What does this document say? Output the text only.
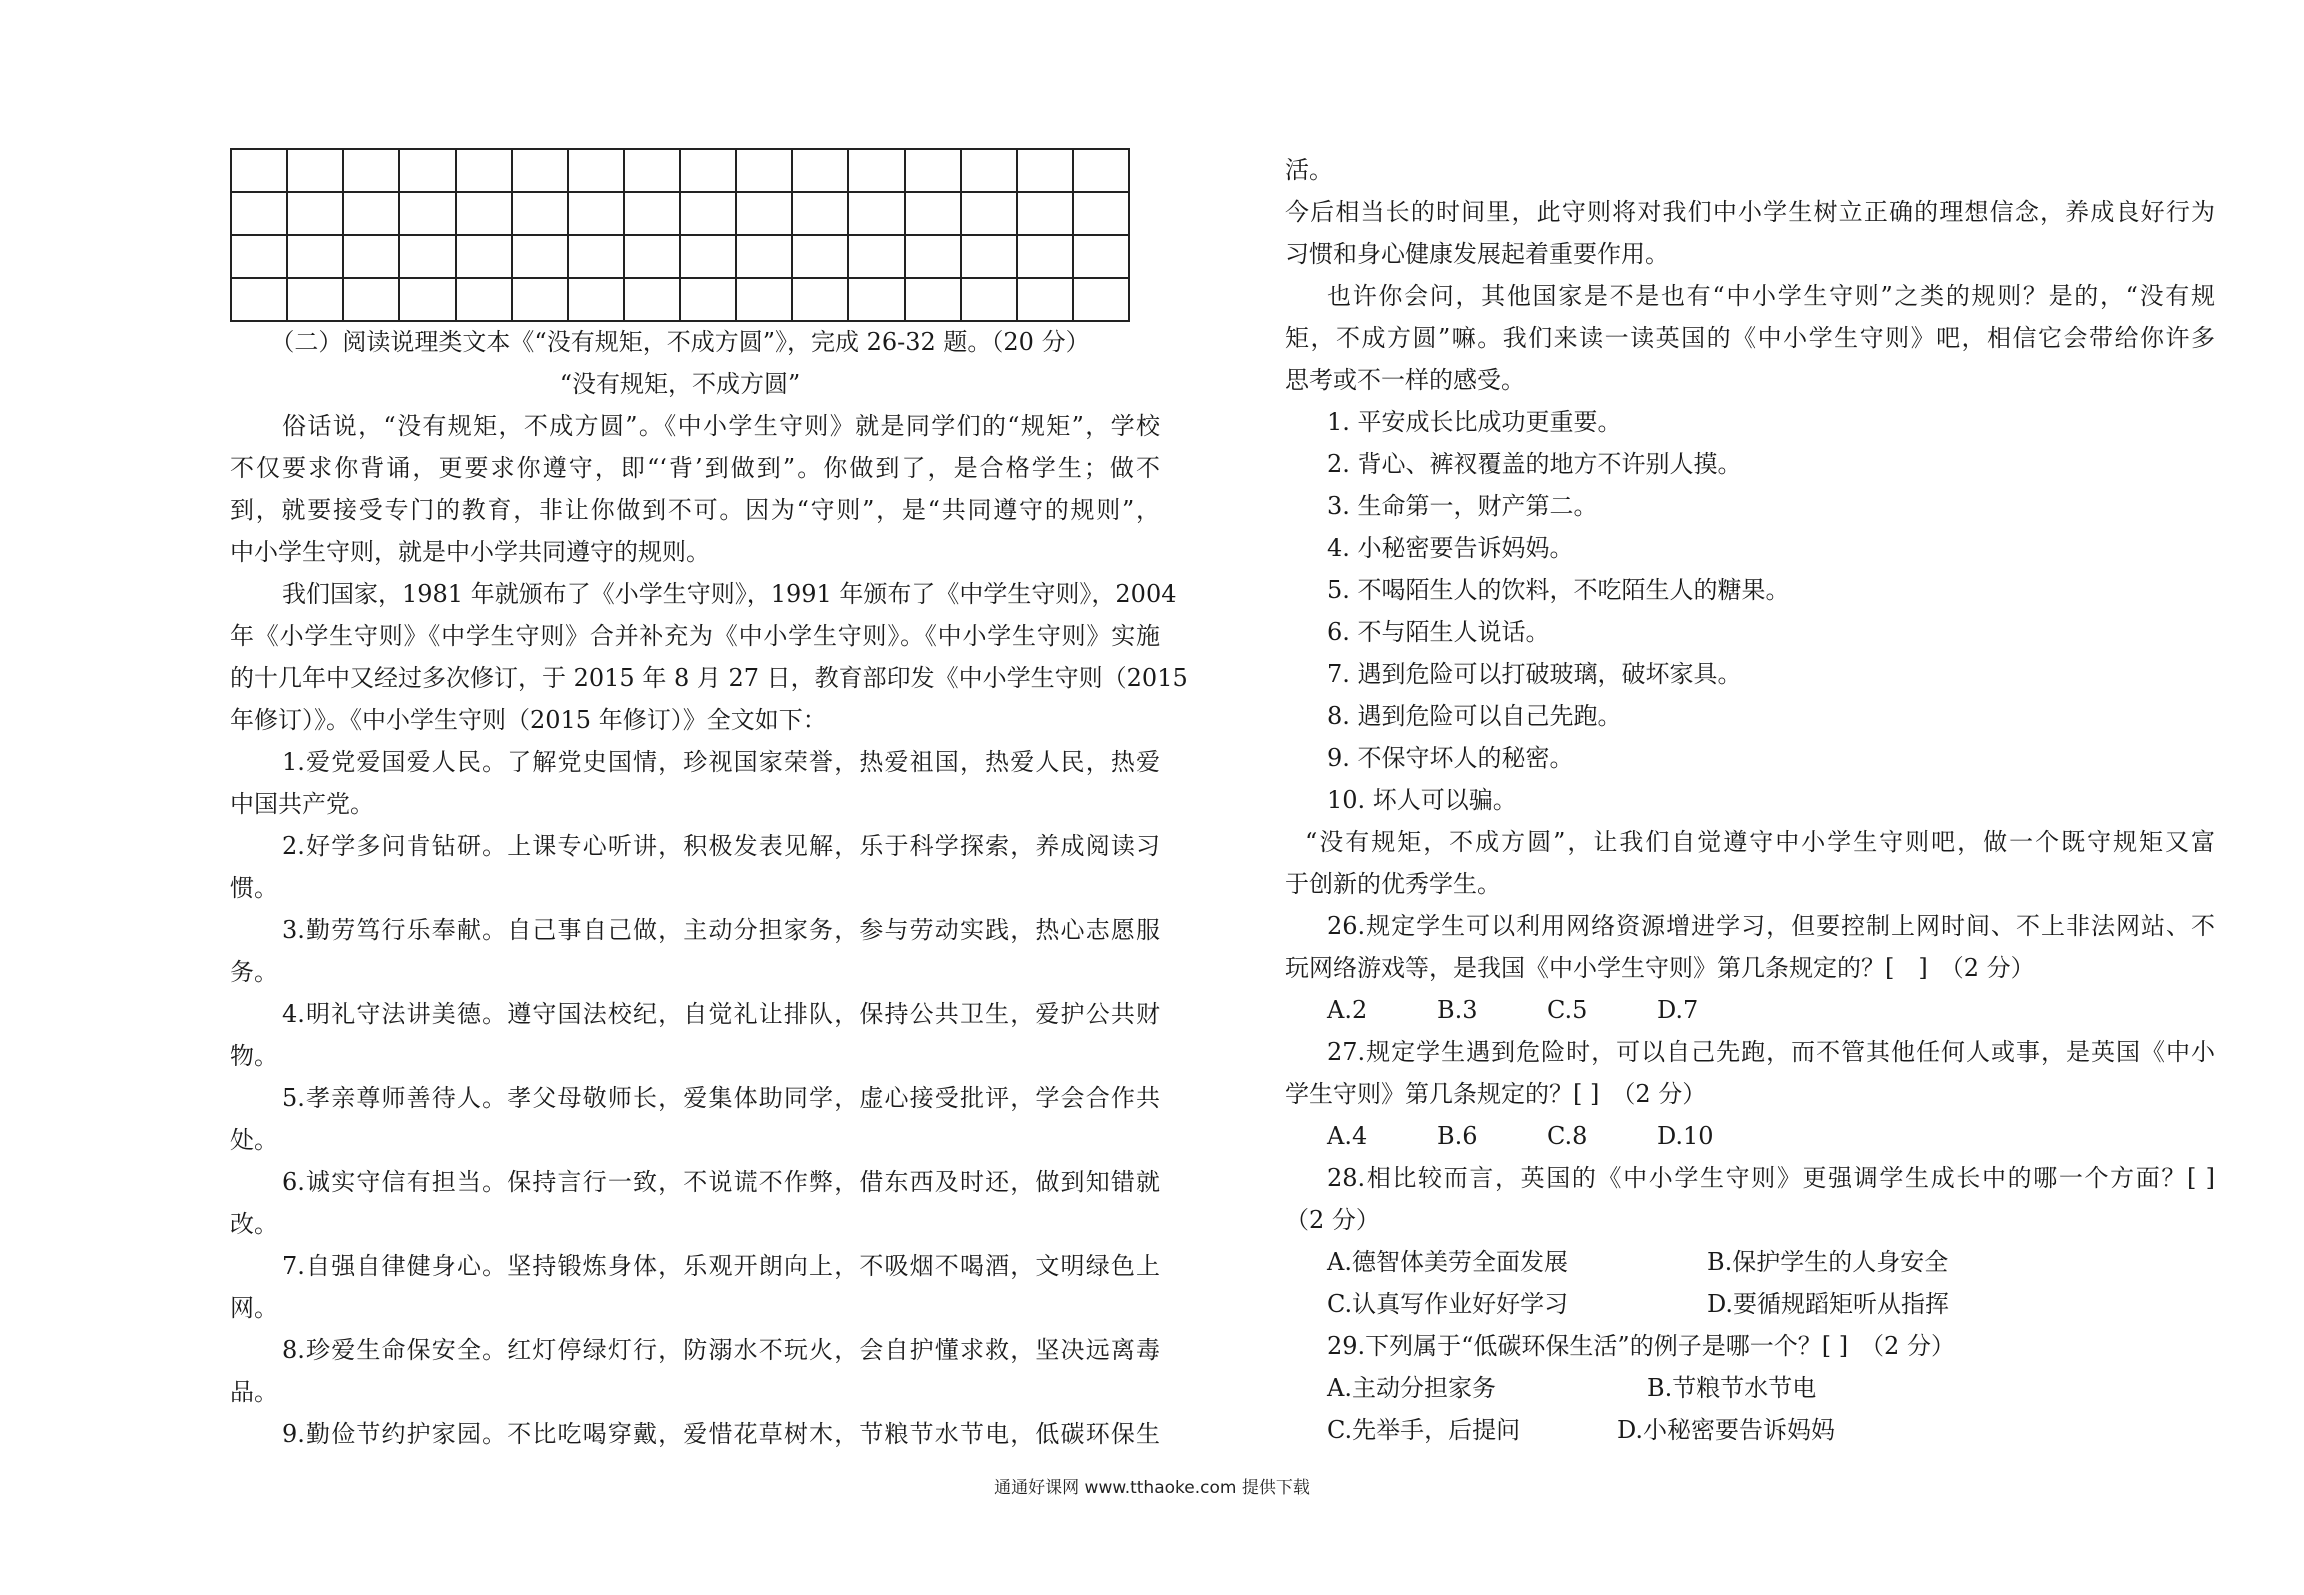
（二）阅读说理类文本《“没有规矩，不成方圆”》，完成 26-32 题。（20 分）
“没有规矩，不成方圆”
俗话说，“没有规矩，不成方圆”。《中小学生守则》就是同学们的“规矩”，学校
不仅要求你背诵，更要求你遵守，即“‘背’到做到”。你做到了，是合格学生；做不
到，就要接受专门的教育，非让你做到不可。因为“守则”，是“共同遵守的规则”，
中小学生守则，就是中小学共同遵守的规则。
我们国家，1981 年就颁布了《小学生守则》，1991 年颁布了《中学生守则》，2004
年《小学生守则》《中学生守则》合并补充为《中小学生守则》。《中小学生守则》实施
的十几年中又经过多次修订，于 2015 年 8 月 27 日，教育部印发《中小学生守则（2015
年修订）》。《中小学生守则（2015 年修订）》全文如下：
1.爱党爱国爱人民。了解党史国情，珍视国家荣誉，热爱祖国，热爱人民，热爱
中国共产党。
2.好学多问肯钻研。上课专心听讲，积极发表见解，乐于科学探索，养成阅读习
惯。
3.勤劳笃行乐奉献。自己事自己做，主动分担家务，参与劳动实践，热心志愿服
务。
4.明礼守法讲美德。遵守国法校纪，自觉礼让排队，保持公共卫生，爱护公共财
物。
5.孝亲尊师善待人。孝父母敬师长，爱集体助同学，虚心接受批评，学会合作共
处。
6.诚实守信有担当。保持言行一致，不说谎不作弊，借东西及时还，做到知错就
改。
7.自强自律健身心。坚持锻炼身体，乐观开朗向上，不吸烟不喝酒，文明绿色上
网。
8.珍爱生命保安全。红灯停绿灯行，防溺水不玩火，会自护懂求救，坚决远离毒
品。
9.勤俭节约护家园。不比吃喝穿戴，爱惜花草树木，节粮节水节电，低碳环保生
活。
今后相当长的时间里，此守则将对我们中小学生树立正确的理想信念，养成良好行为
习惯和身心健康发展起着重要作用。
也许你会问，其他国家是不是也有“中小学生守则”之类的规则？是的，“没有规
矩，不成方圆”嘛。我们来读一读英国的《中小学生守则》吧，相信它会带给你许多
思考或不一样的感受。
1. 平安成长比成功更重要。
2. 背心、裤衩覆盖的地方不许别人摸。
3. 生命第一，财产第二。
4. 小秘密要告诉妈妈。
5. 不喝陌生人的饮料，不吃陌生人的糖果。
6. 不与陌生人说话。
7. 遇到危险可以打破玻璃，破坏家具。
8. 遇到危险可以自己先跑。
9. 不保守坏人的秘密。
10. 坏人可以骗。
“没有规矩，不成方圆”，让我们自觉遵守中小学生守则吧，做一个既守规矩又富
于创新的优秀学生。
26.规定学生可以利用网络资源增进学习，但要控制上网时间、不上非法网站、不
玩网络游戏等，是我国《中小学生守则》第几条规定的？[　]　（2 分）
A.2	B.3	C.5	D.7
27.规定学生遇到危险时，可以自己先跑，而不管其他任何人或事，是英国《中小
学生守则》第几条规定的？[ ]　（2 分）
A.4	B.6	C.8	D.10
28.相比较而言，英国的《中小学生守则》更强调学生成长中的哪一个方面？[ ]
（2 分）
A.德智体美劳全面发展	B.保护学生的人身安全
C.认真写作业好好学习	D.要循规蹈矩听从指挥
29.下列属于“低碳环保生活”的例子是哪一个？[ ]　（2 分）
A.主动分担家务	B.节粮节水节电
C.先举手，后提问	D.小秘密要告诉妈妈
通通好课网 www.tthaoke.com 提供下载
